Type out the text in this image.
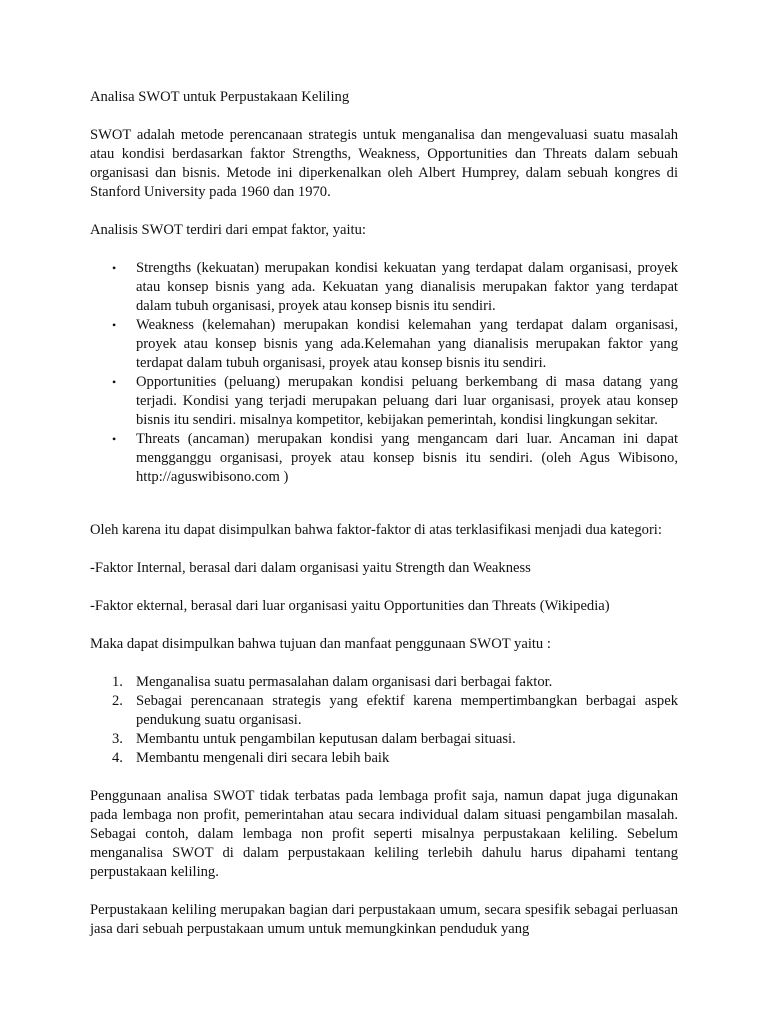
Analisa SWOT untuk Perpustakaan Keliling

SWOT adalah metode perencanaan strategis untuk menganalisa dan mengevaluasi suatu masalah atau kondisi berdasarkan faktor Strengths, Weakness, Opportunities dan Threats dalam sebuah organisasi dan bisnis. Metode ini diperkenalkan oleh Albert Humprey, dalam sebuah kongres di Stanford University pada 1960 dan 1970.

Analisis SWOT terdiri dari empat faktor, yaitu:

• Strengths (kekuatan) merupakan kondisi kekuatan yang terdapat dalam organisasi, proyek atau konsep bisnis yang ada. Kekuatan yang dianalisis merupakan faktor yang terdapat dalam tubuh organisasi, proyek atau konsep bisnis itu sendiri.
• Weakness (kelemahan) merupakan kondisi kelemahan yang terdapat dalam organisasi, proyek atau konsep bisnis yang ada.Kelemahan yang dianalisis merupakan faktor yang terdapat dalam tubuh organisasi, proyek atau konsep bisnis itu sendiri.
• Opportunities (peluang) merupakan kondisi peluang berkembang di masa datang yang terjadi. Kondisi yang terjadi merupakan peluang dari luar organisasi, proyek atau konsep bisnis itu sendiri. misalnya kompetitor, kebijakan pemerintah, kondisi lingkungan sekitar.
• Threats (ancaman) merupakan kondisi yang mengancam dari luar. Ancaman ini dapat mengganggu organisasi, proyek atau konsep bisnis itu sendiri. (oleh Agus Wibisono, http://aguswibisono.com )

Oleh karena itu dapat disimpulkan bahwa faktor-faktor di atas terklasifikasi menjadi dua kategori:

-Faktor Internal, berasal dari dalam organisasi yaitu Strength dan Weakness

-Faktor ekternal, berasal dari luar organisasi yaitu Opportunities dan Threats (Wikipedia)

Maka dapat disimpulkan bahwa tujuan dan manfaat penggunaan SWOT yaitu :

1. Menganalisa suatu permasalahan dalam organisasi dari berbagai faktor.
2. Sebagai perencanaan strategis yang efektif karena mempertimbangkan berbagai aspek pendukung suatu organisasi.
3. Membantu untuk pengambilan keputusan dalam berbagai situasi.
4. Membantu mengenali diri secara lebih baik

Penggunaan analisa SWOT tidak terbatas pada lembaga profit saja, namun dapat juga digunakan pada lembaga non profit, pemerintahan atau secara individual dalam situasi pengambilan masalah. Sebagai contoh, dalam lembaga non profit seperti misalnya perpustakaan keliling. Sebelum menganalisa SWOT di dalam perpustakaan keliling terlebih dahulu harus dipahami tentang perpustakaan keliling.

Perpustakaan keliling merupakan bagian dari perpustakaan umum, secara spesifik sebagai perluasan jasa dari sebuah perpustakaan umum untuk memungkinkan penduduk yang
